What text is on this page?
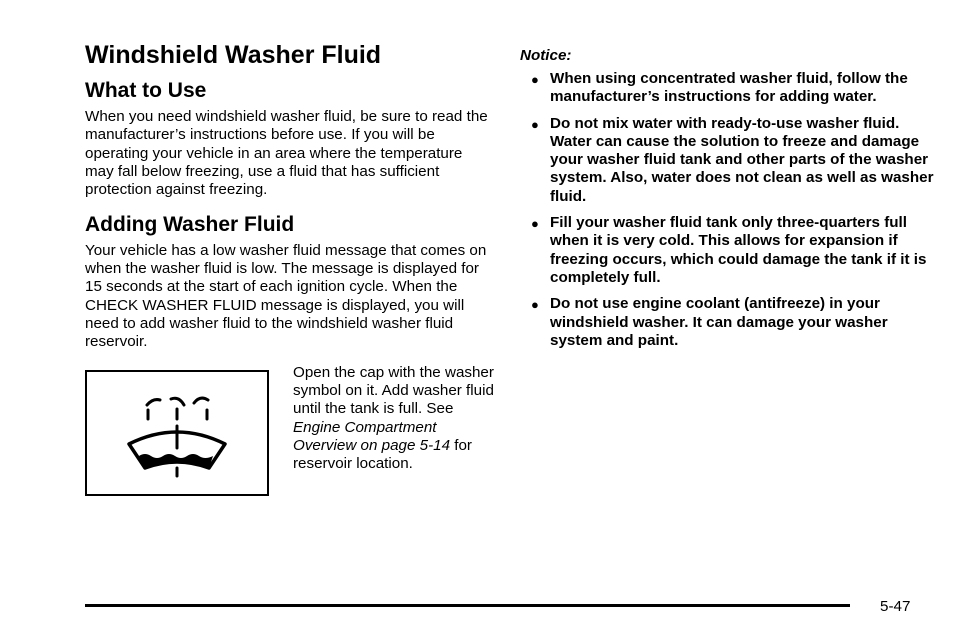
Windshield Washer Fluid
What to Use

When you need windshield washer fluid, be sure to read the manufacturer’s instructions before use. If you will be operating your vehicle in an area where the temperature may fall below freezing, use a fluid that has sufficient protection against freezing.

Adding Washer Fluid

Your vehicle has a low washer fluid message that comes on when the washer fluid is low. The message is displayed for 15 seconds at the start of each ignition cycle. When the CHECK WASHER FLUID message is displayed, you will need to add washer fluid to the windshield washer fluid reservoir.

Open the cap with the washer symbol on it. Add washer fluid until the tank is full. See Engine Compartment Overview on page 5-14 for reservoir location.
Notice:
● When using concentrated washer fluid, follow the manufacturer’s instructions for adding water.
● Do not mix water with ready-to-use washer fluid. Water can cause the solution to freeze and damage your washer fluid tank and other parts of the washer system. Also, water does not clean as well as washer fluid.
● Fill your washer fluid tank only three-quarters full when it is very cold. This allows for expansion if freezing occurs, which could damage the tank if it is completely full.
● Do not use engine coolant (antifreeze) in your windshield washer. It can damage your washer system and paint.
5-47
